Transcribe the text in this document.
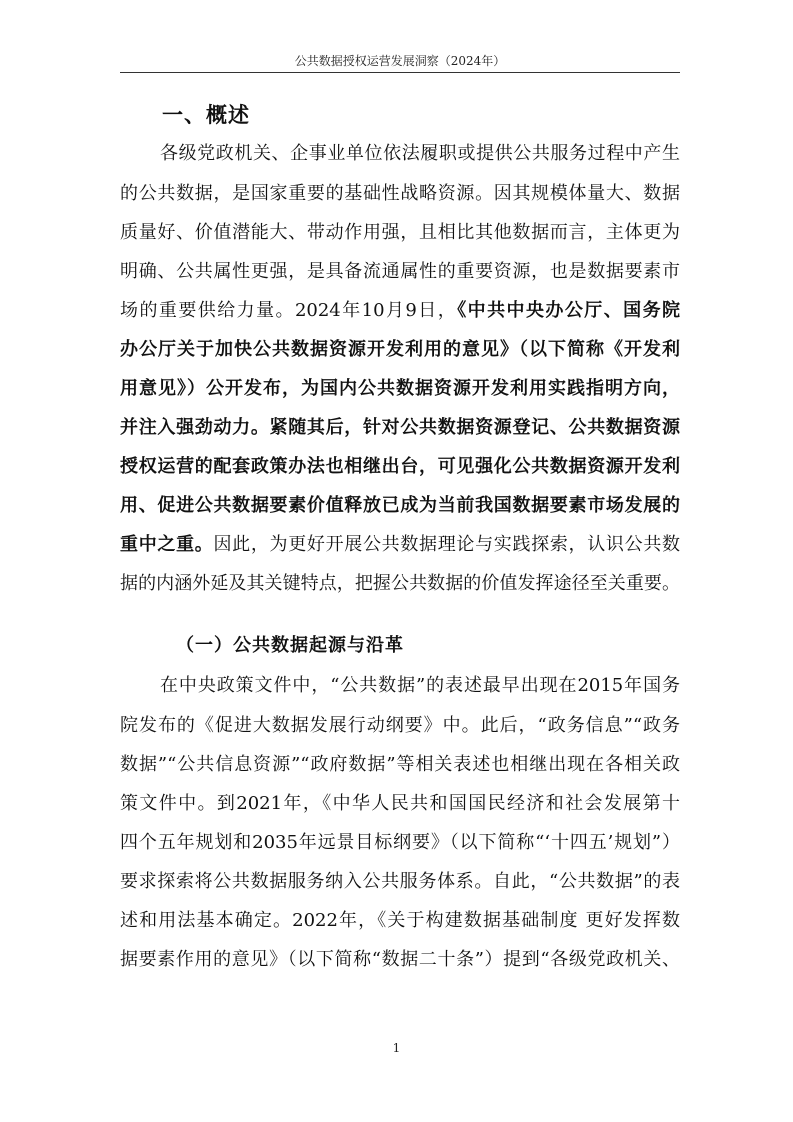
公共数据授权运营发展洞察（2024年）
一、概述
各级党政机关、企事业单位依法履职或提供公共服务过程中产生
的公共数据，是国家重要的基础性战略资源。因其规模体量大、数据
质量好、价值潜能大、带动作用强，且相比其他数据而言，主体更为
明确、公共属性更强，是具备流通属性的重要资源，也是数据要素市
场的重要供给力量。2024年10月9日，《中共中央办公厅、国务院
办公厅关于加快公共数据资源开发利用的意见》（以下简称《开发利
用意见》）公开发布，为国内公共数据资源开发利用实践指明方向，
并注入强劲动力。紧随其后，针对公共数据资源登记、公共数据资源
授权运营的配套政策办法也相继出台，可见强化公共数据资源开发利
用、促进公共数据要素价值释放已成为当前我国数据要素市场发展的
重中之重。因此，为更好开展公共数据理论与实践探索，认识公共数
据的内涵外延及其关键特点，把握公共数据的价值发挥途径至关重要。
（一）公共数据起源与沿革
在中央政策文件中，“公共数据”的表述最早出现在2015年国务
院发布的《促进大数据发展行动纲要》中。此后，“政务信息”“政务
数据”“公共信息资源”“政府数据”等相关表述也相继出现在各相关政
策文件中。到2021年，《中华人民共和国国民经济和社会发展第十
四个五年规划和2035年远景目标纲要》（以下简称“‘十四五’规划”）
要求探索将公共数据服务纳入公共服务体系。自此，“公共数据”的表
述和用法基本确定。2022年，《关于构建数据基础制度 更好发挥数
据要素作用的意见》（以下简称“数据二十条”）提到“各级党政机关、
1
